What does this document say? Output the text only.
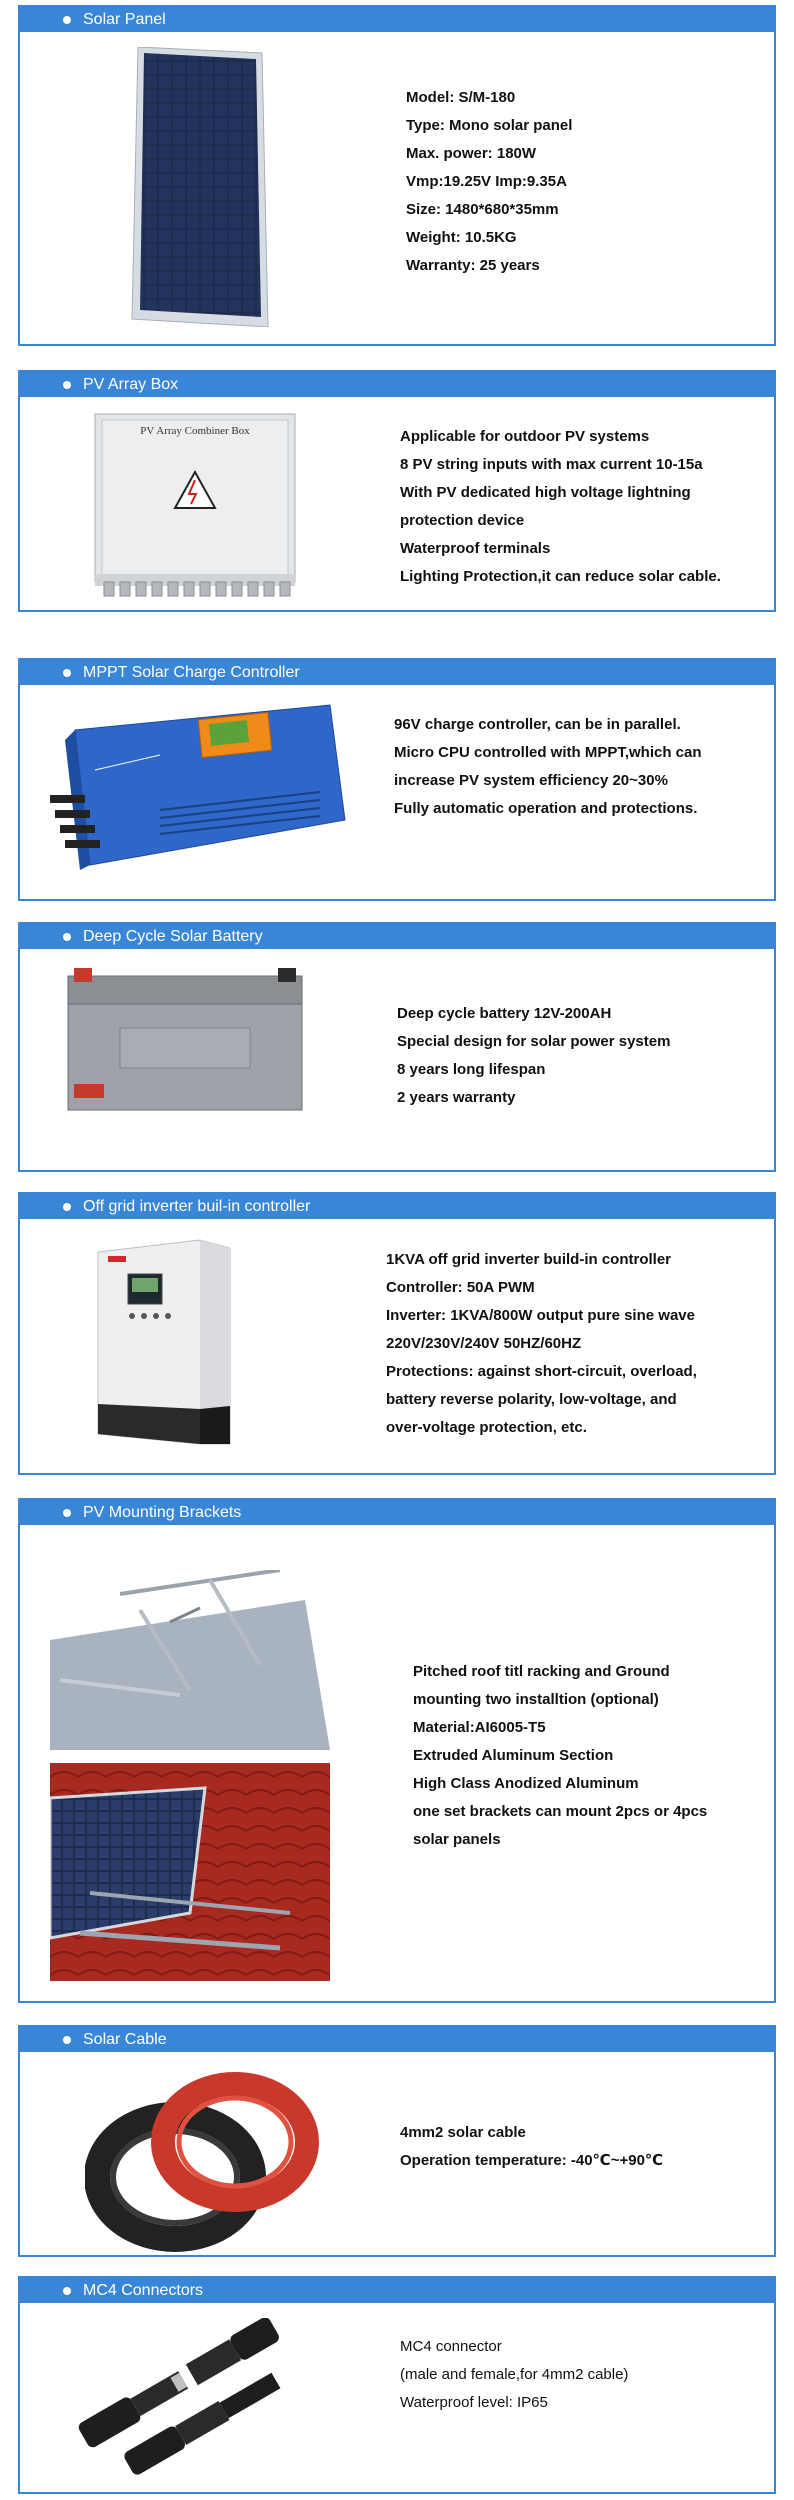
Solar Panel
Model: S/M-180
Type: Mono solar panel
Max. power: 180W
Vmp:19.25V Imp:9.35A
Size: 1480*680*35mm
Weight: 10.5KG
Warranty: 25 years
PV Array Box
PV Array Combiner Box	Applicable for outdoor PV systems
8 PV string inputs with max current 10-15a
With PV dedicated high voltage lightning
protection device
Waterproof terminals
Lighting Protection,it can reduce solar cable.
MPPT Solar Charge Controller
96V charge controller, can be in parallel.
Micro CPU controlled with MPPT,which can
increase PV system efficiency 20~30%
Fully automatic operation and protections.
Deep Cycle Solar Battery
Deep cycle battery 12V-200AH
Special design for solar power system
8 years long lifespan
2 years warranty
Off grid inverter buil-in controller
1KVA off grid inverter build-in controller
Controller: 50A PWM
Inverter: 1KVA/800W output pure sine wave
220V/230V/240V 50HZ/60HZ
Protections: against short-circuit, overload,
battery reverse polarity, low-voltage, and
over-voltage protection, etc.
PV Mounting Brackets
Pitched roof titl racking and Ground
mounting two installtion (optional)
Material:AI6005-T5
Extruded Aluminum Section
High Class Anodized Aluminum
one set brackets can mount 2pcs or 4pcs
solar panels
Solar Cable
4mm2 solar cable
Operation temperature: -40℃~+90℃
MC4 Connectors
MC4 connector
(male and female,for 4mm2 cable)
Waterproof level: IP65
